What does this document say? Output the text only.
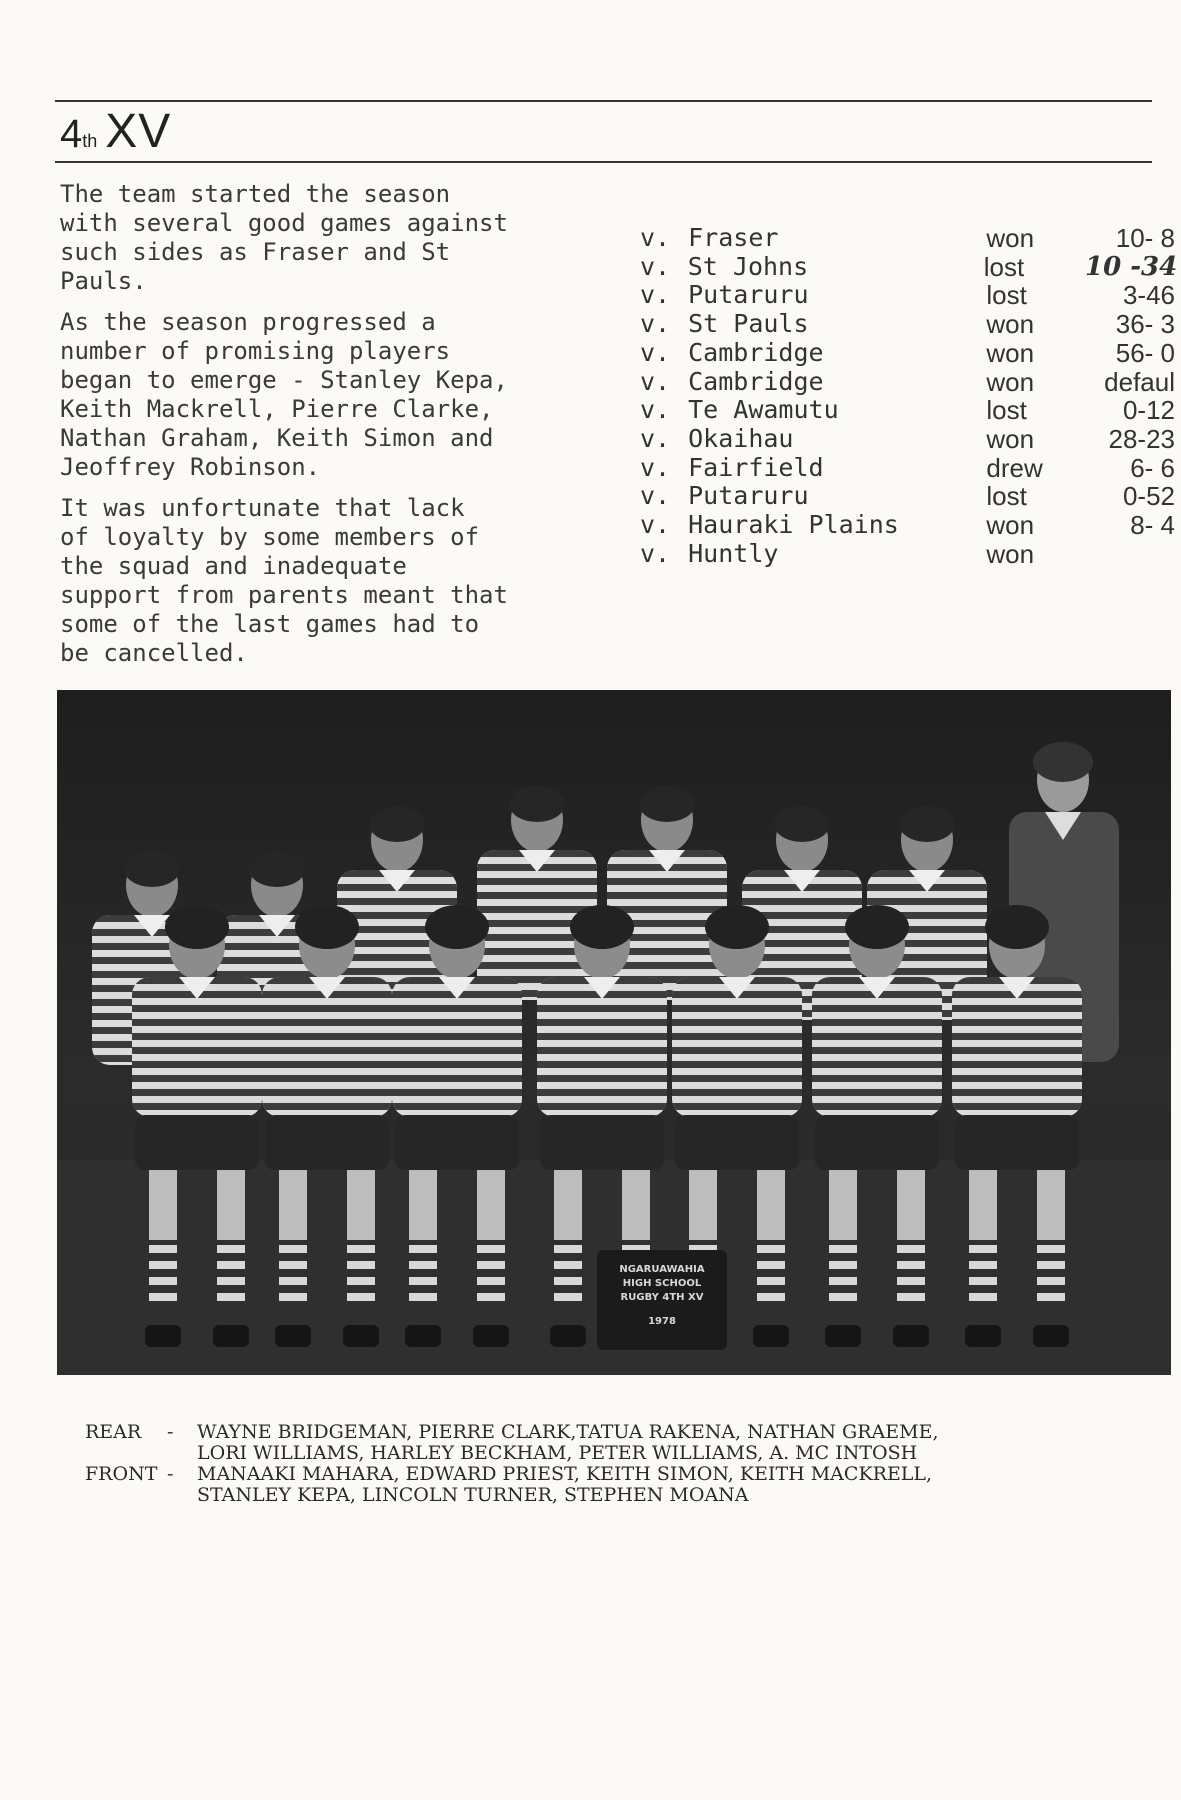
4th XV

The team started the season
with several good games against
such sides as Fraser and St
Pauls.

As the season progressed a
number of promising players
began to emerge - Stanley Kepa,
Keith Mackrell, Pierre Clarke,
Nathan Graham, Keith Simon and
Jeoffrey Robinson.

It was unfortunate that lack
of loyalty by some members of
the squad and inadequate
support from parents meant that
some of the last games had to
be cancelled.

v. Fraser	won	10- 8
v. St Johns	lost	10 -34
v. Putaruru	lost	3-46
v. St Pauls	won	36- 3
v. Cambridge	won	56- 0
v. Cambridge	won	defaul
v. Te Awamutu	lost	0-12
v. Okaihau	won	28-23
v. Fairfield	drew	6- 6
v. Putaruru	lost	0-52
v. Hauraki Plains	won	8- 4
v. Huntly	won
NGARUAWAHIA
HIGH SCHOOL
RUGBY 4TH XV
1978
REAR	-	WAYNE BRIDGEMAN, PIERRE CLARK,TATUA RAKENA, NATHAN GRAEME,
LORI WILLIAMS, HARLEY BECKHAM, PETER WILLIAMS, A. MC INTOSH
FRONT -	MANAAKI MAHARA, EDWARD PRIEST, KEITH SIMON, KEITH MACKRELL,
STANLEY KEPA, LINCOLN TURNER, STEPHEN MOANA
